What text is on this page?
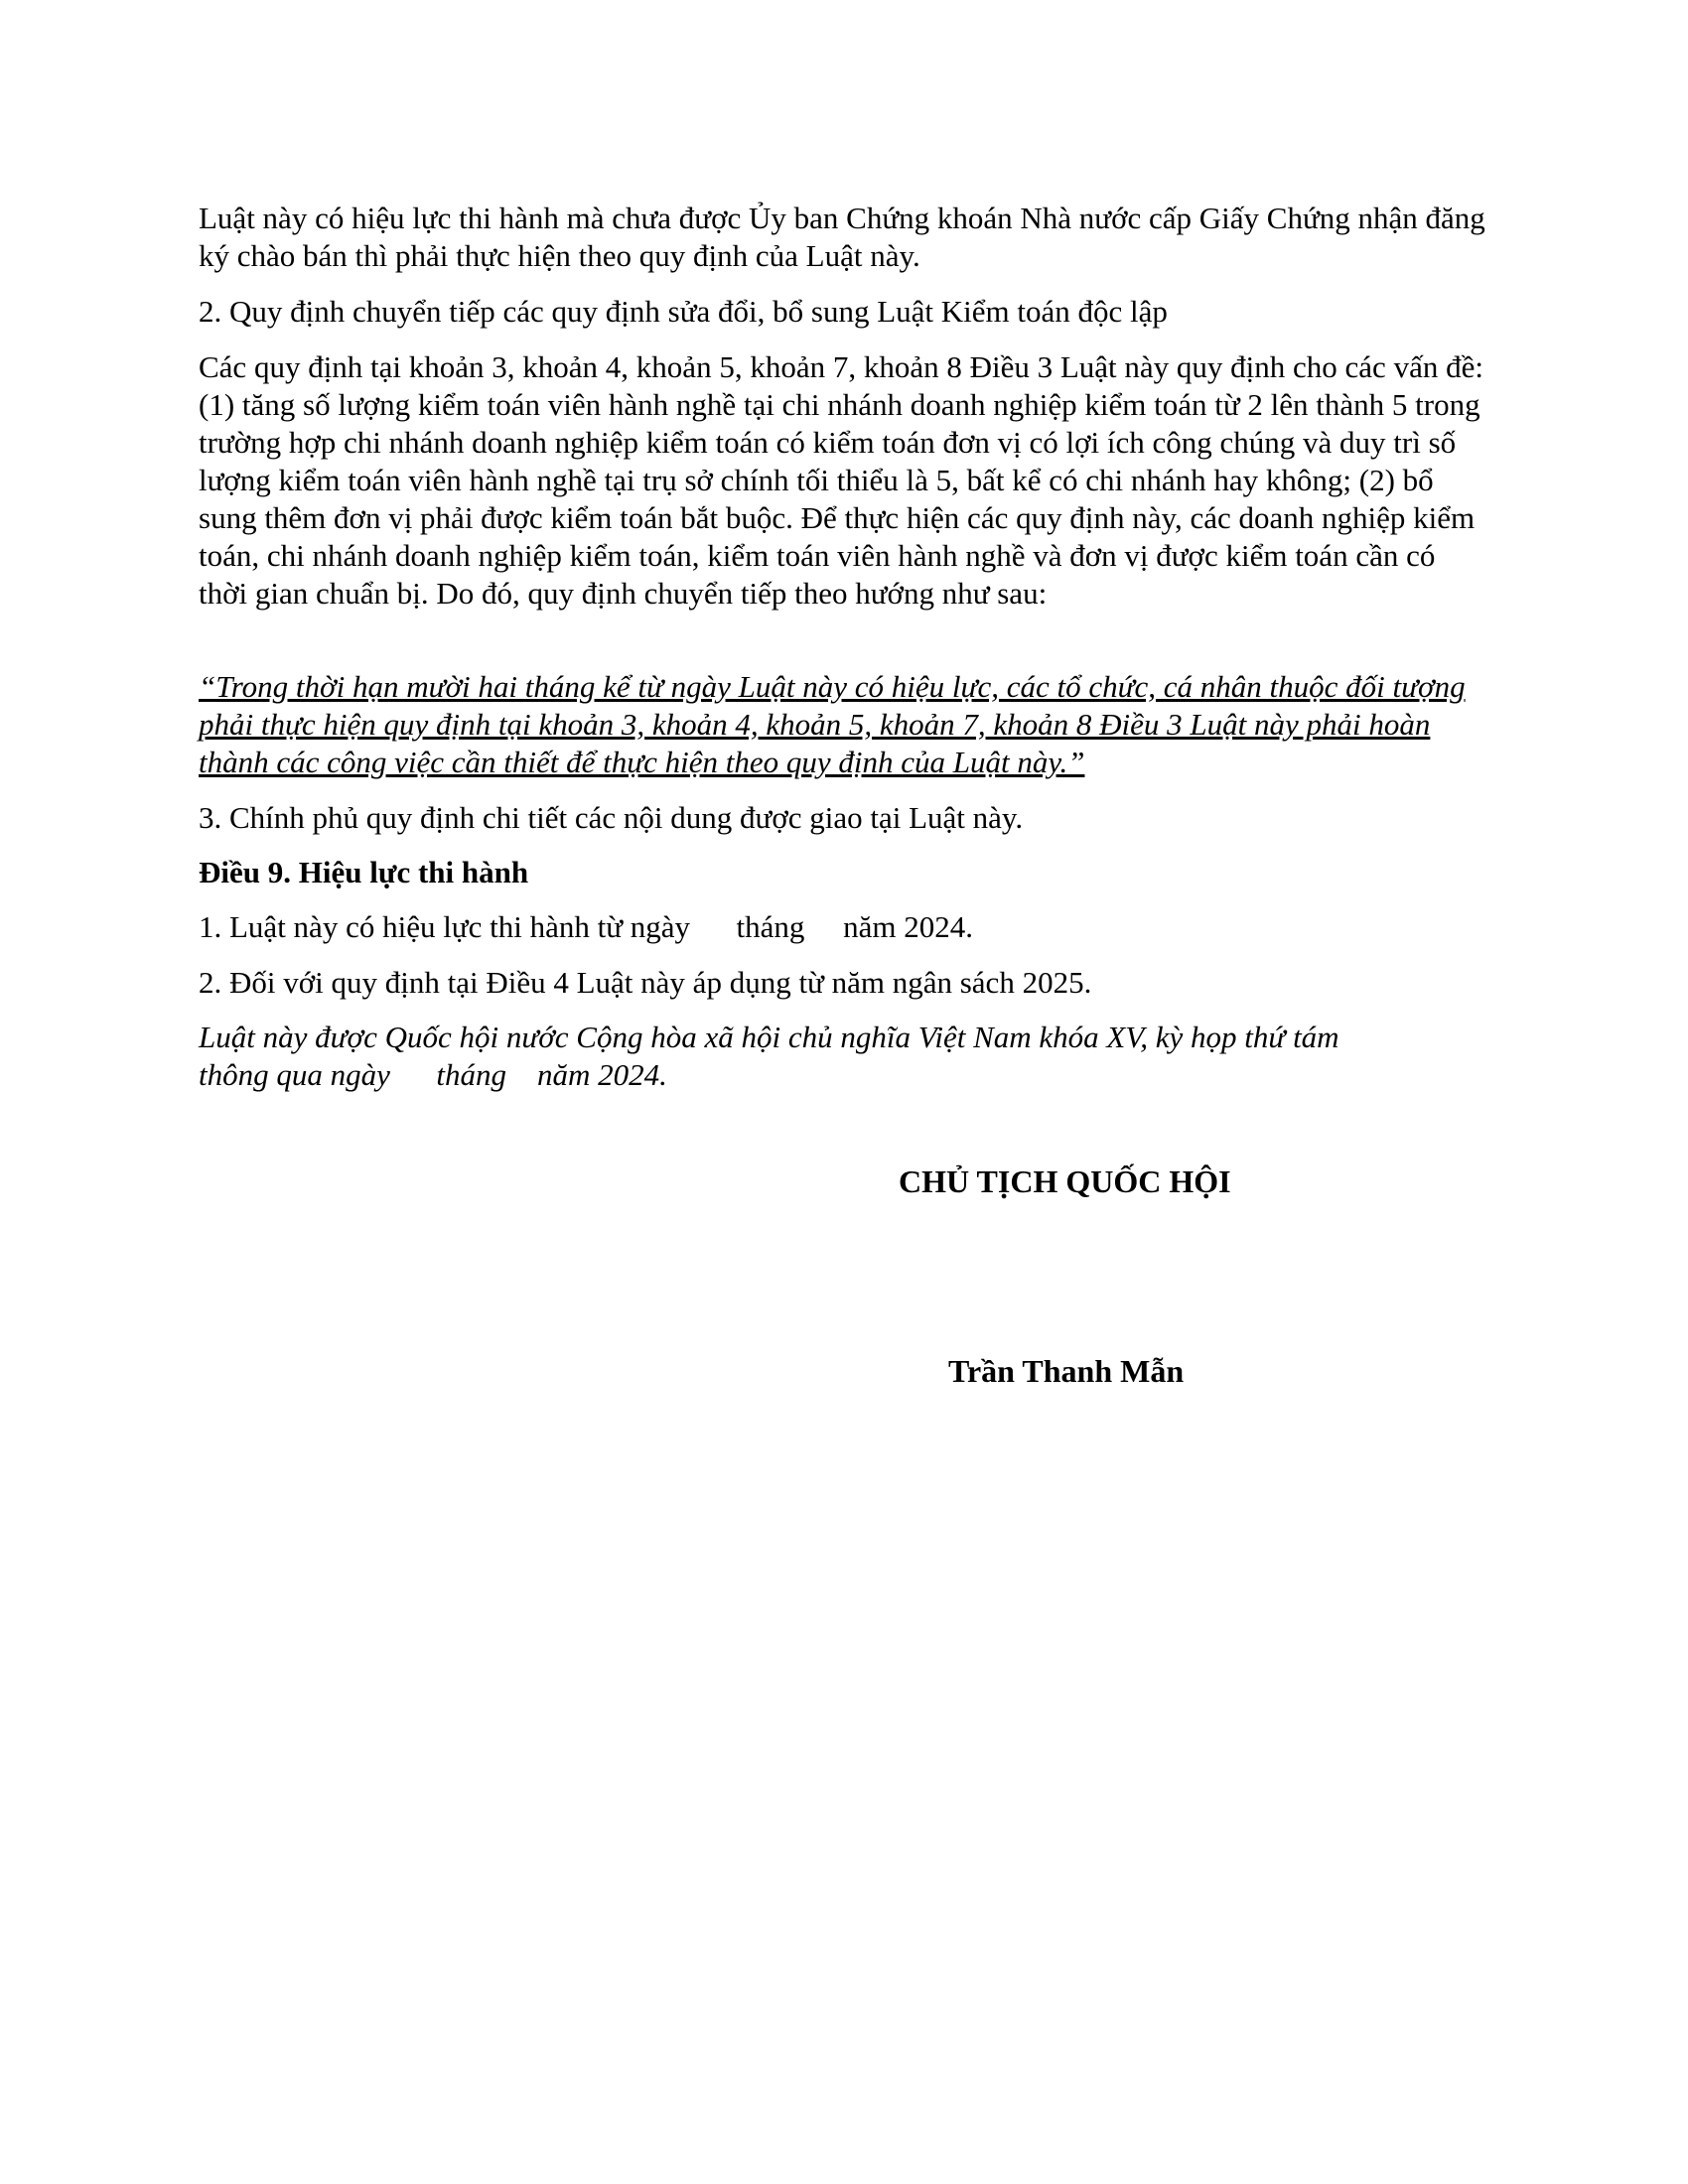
Luật này có hiệu lực thi hành mà chưa được Ủy ban Chứng khoán Nhà nước cấp Giấy Chứng nhận đăng ký chào bán thì phải thực hiện theo quy định của Luật này.

2. Quy định chuyển tiếp các quy định sửa đổi, bổ sung Luật Kiểm toán độc lập

Các quy định tại khoản 3, khoản 4, khoản 5, khoản 7, khoản 8 Điều 3 Luật này quy định cho các vấn đề: (1) tăng số lượng kiểm toán viên hành nghề tại chi nhánh doanh nghiệp kiểm toán từ 2 lên thành 5 trong trường hợp chi nhánh doanh nghiệp kiểm toán có kiểm toán đơn vị có lợi ích công chúng và duy trì số lượng kiểm toán viên hành nghề tại trụ sở chính tối thiểu là 5, bất kể có chi nhánh hay không; (2) bổ sung thêm đơn vị phải được kiểm toán bắt buộc. Để thực hiện các quy định này, các doanh nghiệp kiểm toán, chi nhánh doanh nghiệp kiểm toán, kiểm toán viên hành nghề và đơn vị được kiểm toán cần có thời gian chuẩn bị. Do đó, quy định chuyển tiếp theo hướng như sau:

“Trong thời hạn mười hai tháng kể từ ngày Luật này có hiệu lực, các tổ chức, cá nhân thuộc đối tượng phải thực hiện quy định tại khoản 3, khoản 4, khoản 5, khoản 7, khoản 8 Điều 3 Luật này phải hoàn thành các công việc cần thiết để thực hiện theo quy định của Luật này.”

3. Chính phủ quy định chi tiết các nội dung được giao tại Luật này.

Điều 9. Hiệu lực thi hành

1. Luật này có hiệu lực thi hành từ ngày      tháng     năm 2024.

2. Đối với quy định tại Điều 4 Luật này áp dụng từ năm ngân sách 2025.

Luật này được Quốc hội nước Cộng hòa xã hội chủ nghĩa Việt Nam khóa XV, kỳ họp thứ tám
thông qua ngày      tháng    năm 2024.

CHỦ TỊCH QUỐC HỘI

Trần Thanh Mẫn
